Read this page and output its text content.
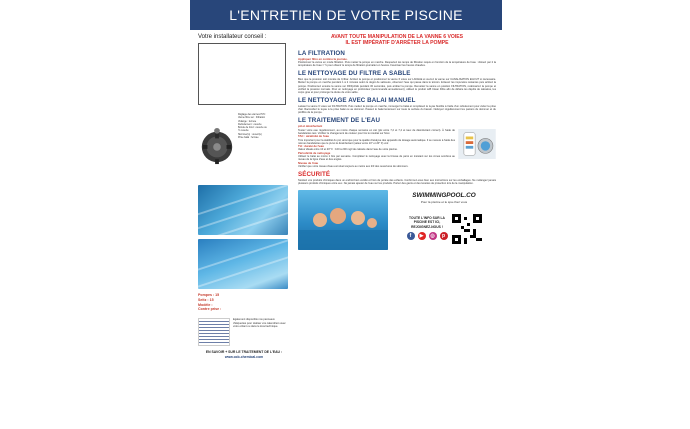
L'ENTRETIEN DE VOTRE PISCINE
Votre installateur conseil :
Réglage des vannes PVC
Vanne filtre sur : Filtration
Vidange : fermée
Refoulement : ouverte
Bonde de fond : ouverte ou
½ ouverte
Skimmer(s) : ouvert(s)
Prise balai : fermée
Pompes : 15
Seitz : 15
Modèle :
Contre prise :
Egalement disponible nos panneaux d'étiquettes pour réaliser vos calendriers avec votre enfant ou dans le local technique.
EN SAVOIR + SUR LE TRAITEMENT DE L'EAU :
www.ocb-chemical.com
AVANT TOUTE MANIPULATION DE LA VANNE 6 VOIES
IL EST IMPÉRATIF D'ARRÊTER LA POMPE
LA FILTRATION
Appliquer filtre en continu la journée.
Positionnez la vanne en mode filtration. Puis mettez la pompe en marche. Respectez les temps de filtration requis en fonction de la température de l'eau : divisez par 2 la température de l'eau = ½ pour obtenir le temps de filtration journalier en heures. Favorisez les heures chaudes.
LE NETTOYAGE DU FILTRE A SABLE
Bien que la pression soit montée de 0,3bar. Arrêtez la pompe et positionnez la vanne 6 voies sur LAVAGE et ouvrez la vanne sur CANALISATION EGOUT si nécessaire. Mettez la pompe en marche pendant 1 à 2 minutes selon le degré de salissure, observez l'eau qui passe dans le témoin. Enlevez les impuretés restantes puis arrêtez la pompe. Positionnez ensuite la vanne sur RINÇAGE pendant 30 secondes, puis arrêtez la pompe. Remettez la vanne en position FILTRATION, redémarrez la pompe et vérifiez la pression normale. Pour un nettoyage en profondeur (recommandé annuellement), utilisez le produit ocB Clean Filtre afin de défaire les dépôts de calcaires, les corps gras et pour prolonger la durée de votre sable.
LE NETTOYAGE AVEC BALAI MANUEL
Laissez la vanne 6 voies sur FILTRATION. Puis mettez la pompe en marche, immergez le balai et remplissez le tuyau flexible à l'aide d'un refoulement pour éviter la prise d'air. Raccordez le tuyau à la prise balai ou au skimmer. Passez le balai lentement sur toute la surface du bassin. Nettoyez régulièrement les paniers du skimmer et du préfiltre de la pompe.
LE TRAITEMENT DE L'EAU
pH et désinfectant
Testez votre eau régulièrement, au moins chaque semaine en été (pH entre 7,2 et 7,4 et taux de désinfectant correct). À l'aide de bandelettes test. Vérifiez le changement de couleur pour lire le résultat sur l'étui.
TAC : alcalinité de l'eau
Très important pour la stabilité du pH, ainsi que pour la qualité d'analyse des appareils de dosage automatique. Il se mesure à l'aide des mêmes bandelettes que le pH et le désinfectant (valeur entre 10° et 20° F) voir.
TH : dureté de l'eau
Valeur idéale entre 10 et 20° F : 100 à 200 mg/l de calcaire dans l'eau de votre piscine.
Périodicité de nettoyage
Utilisez le balai au moins 1 fois par semaine. Complétez le nettoyage avec la brosse de paroi en insistant sur les zones sombres au niveau de la ligne d'eau et des angles.
Niveau de l'eau
Vérifiez que votre niveau d'eau est situé toujours au moins aux 2/3 des ouvertures de skimmers.
SÉCURITÉ
Stockez vos produits chimiques dans un endroit bien ventilé et hors de portée des enfants. Conformez-vous bien aux instructions sur les emballages. Ne mélangez jamais plusieurs produits chimiques entre eux. Ne jamais ajouter de l'eau sur les produits. Portez des gants et des lunettes de protection lors de la manipulation.
SWIMMINGPOOL.CO
Pour la piscine et le spa chez vous
TOUTE L'INFO SUR LA
PISCINE EST ICI,
REJOIGNEZ-NOUS !
f	▶	◎	p
